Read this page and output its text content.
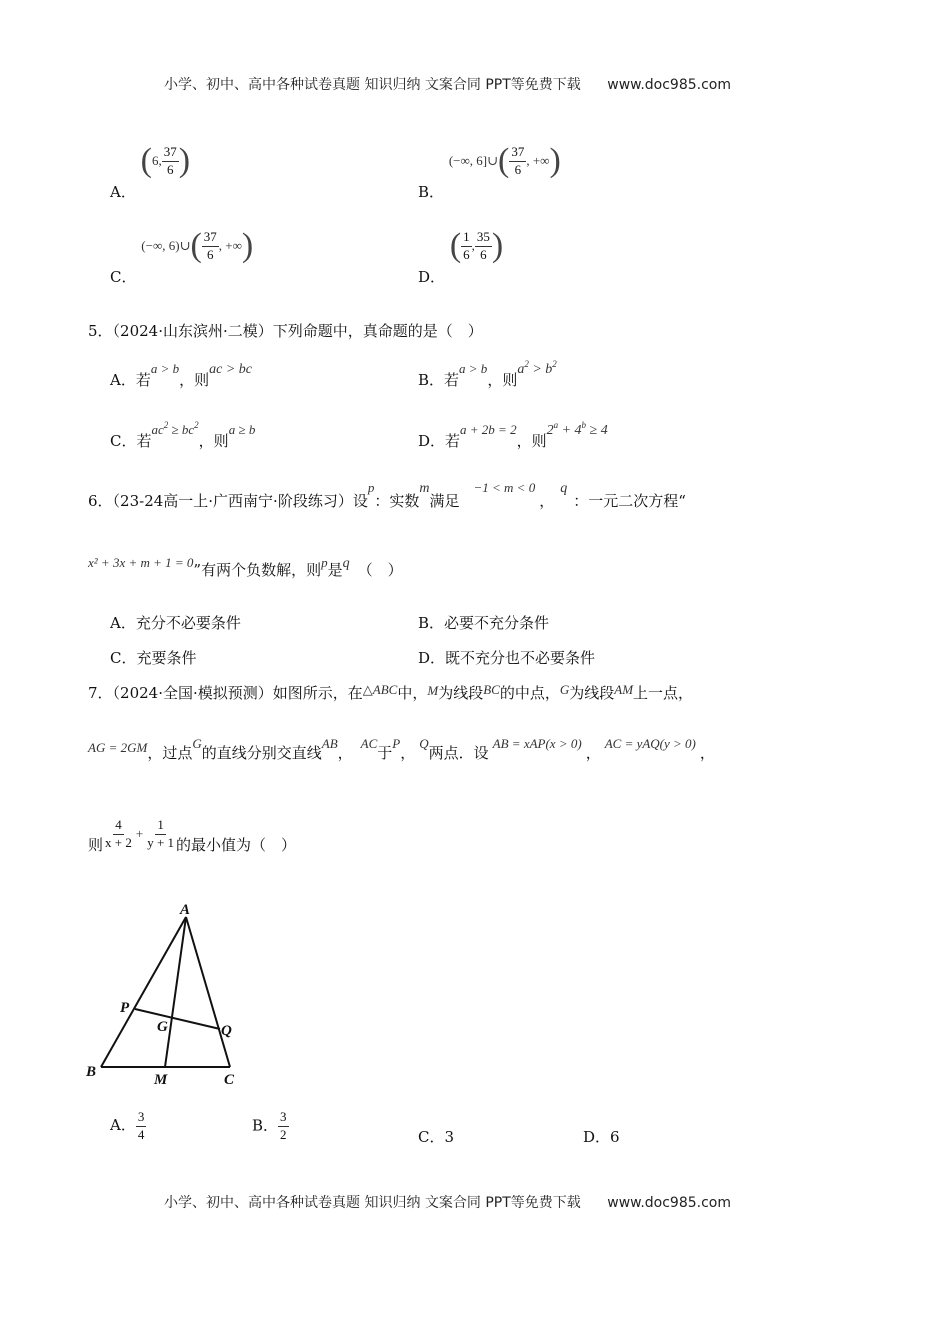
小学、初中、高中各种试卷真题 知识归纳 文案合同 PPT等免费下载 www.doc985.com
A． (6, $\frac{37}{6}$ )
B． (−∞, 6]∪( $\frac{37}{6}$ , +∞)
C． (−∞, 6)∪( $\frac{37}{6}$ , +∞)
D． ( $\frac{1}{6}$ , $\frac{35}{6}$ )
5．（2024·山东滨州·二模）下列命题中，真命题的是（　）
A．若a > b，则ac > bc
B．若a > b，则$a^2 > b^2$
C．若$ac^2 \ge bc^2$，则a ≥ b
D．若a + 2b = 2，则$2^a + 4^b \ge 4$
6．（23-24高一上·广西南宁·阶段练习）设p：实数m满足−1 < m < 0，q：一元二次方程“
x² + 3x + m + 1 = 0”有两个负数解，则p是q （　）
A．充分不必要条件	B．必要不充分条件
C．充要条件	D．既不充分也不必要条件
7．（2024·全国·模拟预测）如图所示，在△ABC中，M为线段BC的中点，G为线段AM上一点，
AG = 2GM，过点G的直线分别交直线AB，AC于P，Q两点．设AB = xAP(x > 0)，AC = yAQ(y > 0)，
则 $\frac{4}{x + 2} + \frac{1}{y + 1}$ 的最小值为（　）
A
P
G	Q
B	M	C
A． $\frac{3}{4}$	B． $\frac{3}{2}$	C．3	D．6
小学、初中、高中各种试卷真题 知识归纳 文案合同 PPT等免费下载 www.doc985.com
